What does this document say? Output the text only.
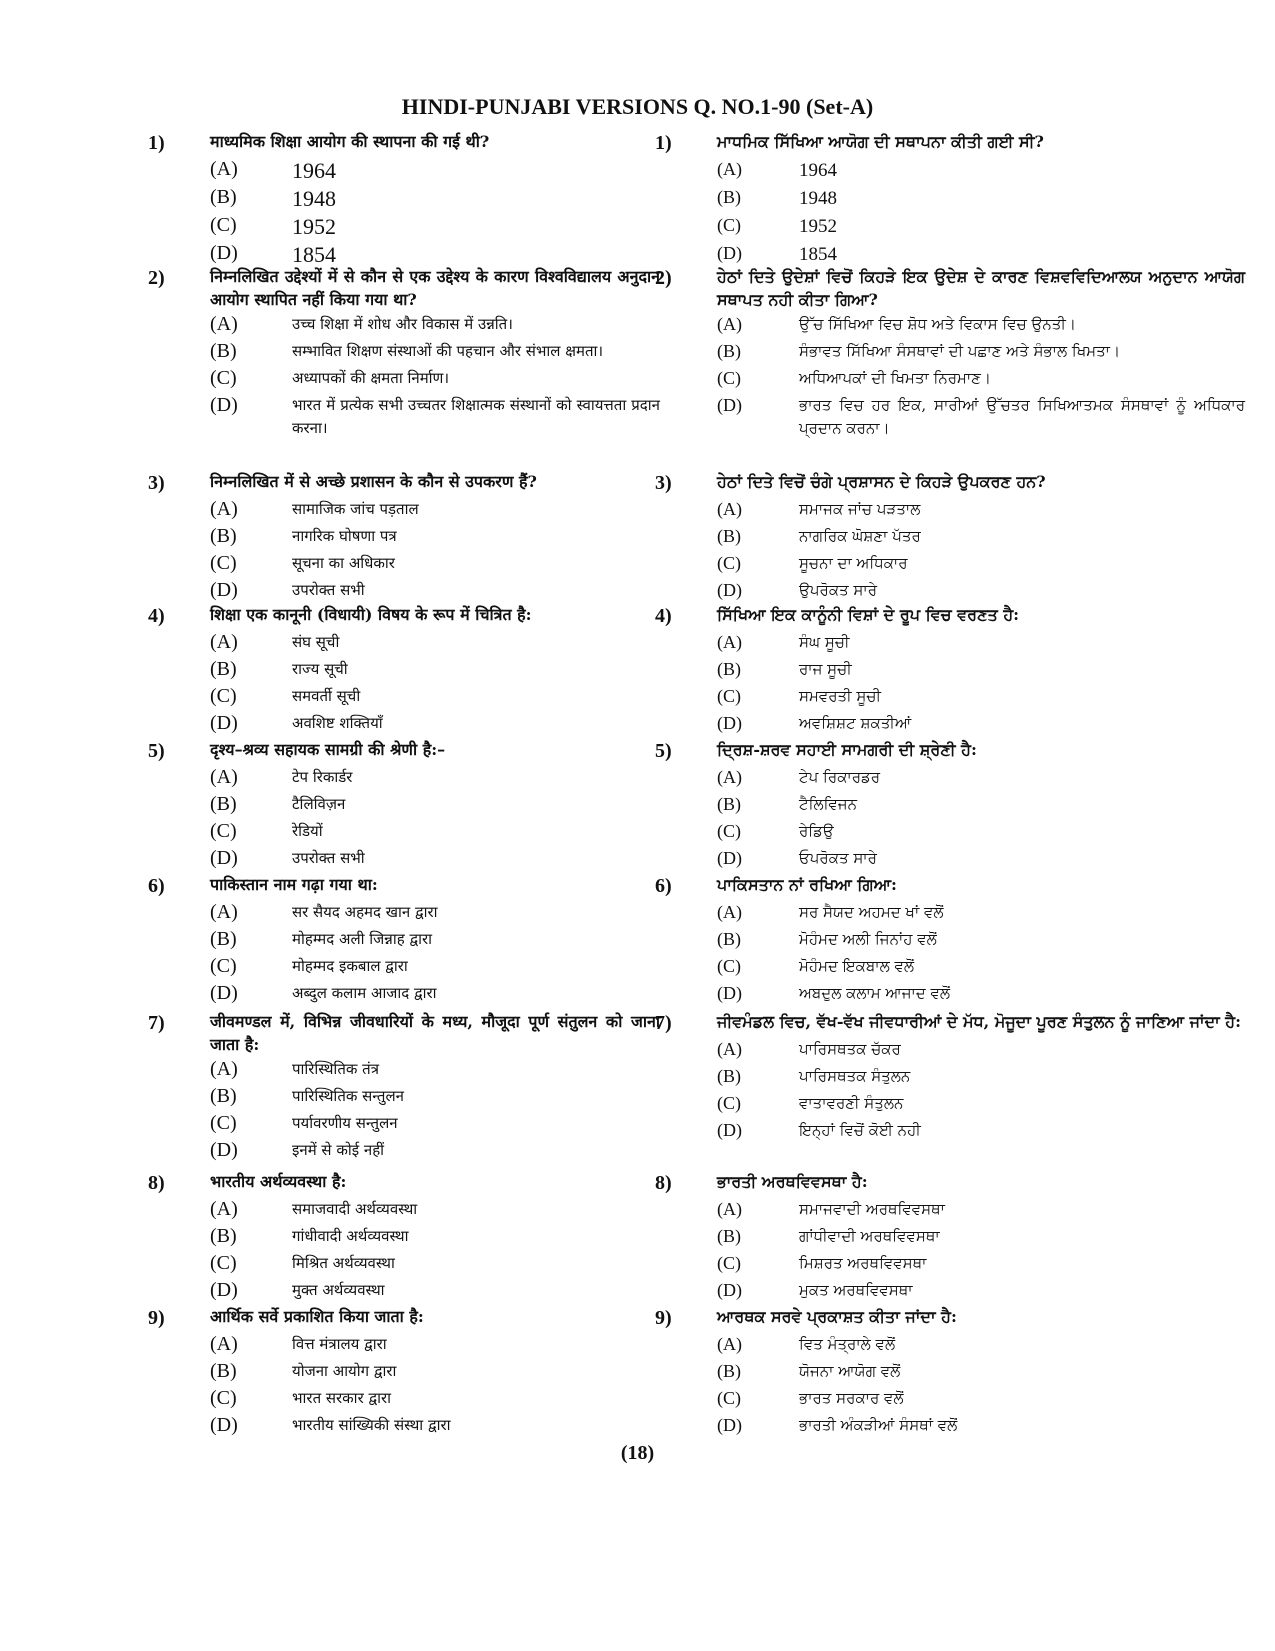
HINDI-PUNJABI VERSIONS Q. NO.1-90 (Set-A)
1)	माध्यमिक शिक्षा आयोग की स्थापना की गई थी?
(A) 1964
(B)	1948
(C)	1952
(D) 1854
2)	निम्नलिखित उद्देश्यों में से कौन से एक उद्देश्य के कारण विश्वविद्यालय अनुदान आयोग स्थापित नहीं किया गया था?
(A)	उच्च शिक्षा में शोध और विकास में उन्नति।
(B)	सम्भावित शिक्षण संस्थाओं की पहचान और संभाल क्षमता।
(C)	अध्यापकों की क्षमता निर्माण।
(D)	भारत में प्रत्येक सभी उच्चतर शिक्षात्मक संस्थानों को स्वायत्तता प्रदान करना।
3)	निम्नलिखित में से अच्छे प्रशासन के कौन से उपकरण हैं?
(A)	सामाजिक जांच पड़ताल
(B)	नागरिक घोषणा पत्र
(C)	सूचना का अधिकार
(D)	उपरोक्त सभी
4)	शिक्षा एक कानूनी (विधायी) विषय के रूप में चित्रित है:
(A)	संघ सूची
(B)	राज्य सूची
(C)	समवर्ती सूची
(D)	अवशिष्ट शक्तियाँ
5)	दृश्य–श्रव्य सहायक सामग्री की श्रेणी है:–
(A)	टेप रिकार्डर
(B)	टैलिविज़न
(C)	रेडियों
(D)	उपरोक्त सभी
6)	पाकिस्तान नाम गढ़ा गया था:
(A)	सर सैयद अहमद खान द्वारा
(B)	मोहम्मद अली जिन्नाह द्वारा
(C)	मोहम्मद इकबाल द्वारा
(D)	अब्दुल कलाम आजाद द्वारा
7)	जीवमण्डल में, विभिन्न जीवधारियों के मध्य, मौजूदा पूर्ण संतुलन को जाना जाता है:
(A)	पारिस्थितिक तंत्र
(B)	पारिस्थितिक सन्तुलन
(C)	पर्यावरणीय सन्तुलन
(D)	इनमें से कोई नहीं
8)	भारतीय अर्थव्यवस्था है:
(A)	समाजवादी अर्थव्यवस्था
(B)	गांधीवादी अर्थव्यवस्था
(C)	मिश्रित अर्थव्यवस्था
(D)	मुक्त अर्थव्यवस्था
9)	आर्थिक सर्वे प्रकाशित किया जाता है:
(A)	वित्त मंत्रालय द्वारा
(B)	योजना आयोग द्वारा
(C)	भारत सरकार द्वारा
(D)	भारतीय सांख्यिकी संस्था द्वारा
1)	ਮਾਧਮਿਕ ਸਿੱਖਿਆ ਆਯੋਗ ਦੀ ਸਥਾਪਨਾ ਕੀਤੀ ਗਈ ਸੀ?
(A)	1964
(B)	1948
(C)	1952
(D)	1854
2)	ਹੇਠਾਂ ਦਿਤੇ ਉਦੇਸ਼ਾਂ ਵਿਚੋਂ ਕਿਹੜੇ ਇਕ ਉਦੇਸ਼ ਦੇ ਕਾਰਣ ਵਿਸ਼ਵਵਿਦਿਆਲਯ ਅਨੁਦਾਨ ਆਯੋਗ ਸਥਾਪਤ ਨਹੀ ਕੀਤਾ ਗਿਆ?
(A)	ਉੱਚ ਸਿੱਖਿਆ ਵਿਚ ਸ਼ੋਧ ਅਤੇ ਵਿਕਾਸ ਵਿਚ ਉਨਤੀ।
(B)	ਸੰਭਾਵਤ ਸਿੱਖਿਆ ਸੰਸਥਾਵਾਂ ਦੀ ਪਛਾਣ ਅਤੇ ਸੰਭਾਲ ਖਿਮਤਾ।
(C)	ਅਧਿਆਪਕਾਂ ਦੀ ਖਿਮਤਾ ਨਿਰਮਾਣ।
(D)	ਭਾਰਤ ਵਿਚ ਹਰ ਇਕ, ਸਾਰੀਆਂ ਉੱਚਤਰ ਸਿਖਿਆਤਮਕ ਸੰਸਥਾਵਾਂ ਨੂੰ ਅਧਿਕਾਰ ਪ੍ਰਦਾਨ ਕਰਨਾ।
3)	ਹੇਠਾਂ ਦਿਤੇ ਵਿਚੋਂ ਚੰਗੇ ਪ੍ਰਸ਼ਾਸਨ ਦੇ ਕਿਹੜੇ ਉਪਕਰਣ ਹਨ?
(A)	ਸਮਾਜਕ ਜਾਂਚ ਪੜਤਾਲ
(B)	ਨਾਗਰਿਕ ਘੋਸ਼ਣਾ ਪੱਤਰ
(C)	ਸੂਚਨਾ ਦਾ ਅਧਿਕਾਰ
(D)	ਉਪਰੋਕਤ ਸਾਰੇ
4)	ਸਿੱਖਿਆ ਇਕ ਕਾਨੂੰਨੀ ਵਿਸ਼ਾਂ ਦੇ ਰੂਪ ਵਿਚ ਵਰਣਤ ਹੈ:
(A)	ਸੰਘ ਸੂਚੀ
(B)	ਰਾਜ ਸੂਚੀ
(C)	ਸਮਵਰਤੀ ਸੂਚੀ
(D)	ਅਵਸ਼ਿਸ਼ਟ ਸ਼ਕਤੀਆਂ
5)	ਦ੍ਰਿਸ਼-ਸ਼ਰਵ ਸਹਾਈ ਸਾਮਗਰੀ ਦੀ ਸ਼੍ਰੇਣੀ ਹੈ:
(A)	ਟੇਪ ਰਿਕਾਰਡਰ
(B)	ਟੈਲਿਵਿਜਨ
(C)	ਰੇਡਿਉ
(D)	ਓਪਰੋਕਤ ਸਾਰੇ
6)	ਪਾਕਿਸਤਾਨ ਨਾਂ ਰਖਿਆ ਗਿਆ:
(A)	ਸਰ ਸੈਯਦ ਅਹਮਦ ਖਾਂ ਵਲੋਂ
(B)	ਮੋਹੰਮਦ ਅਲੀ ਜਿਨਾਂਹ ਵਲੋਂ
(C)	ਮੋਹੰਮਦ ਇਕਬਾਲ ਵਲੋਂ
(D)	ਅਬਦੁਲ ਕਲਾਮ ਆਜਾਦ ਵਲੋਂ
7)	ਜੀਵਮੰਡਲ ਵਿਚ, ਵੱਖ-ਵੱਖ ਜੀਵਧਾਰੀਆਂ ਦੇ ਮੱਧ, ਮੋਜੂਦਾ ਪੂਰਣ ਸੰਤੁਲਨ ਨੂੰ ਜਾਣਿਆ ਜਾਂਦਾ ਹੈ:
(A)	ਪਾਰਿਸਥਤਕ ਚੱਕਰ
(B)	ਪਾਰਿਸਥਤਕ ਸੰਤੁਲਨ
(C)	ਵਾਤਾਵਰਣੀ ਸੰਤੁਲਨ
(D)	ਇਨ੍ਹਾਂ ਵਿਚੋਂ ਕੋਈ ਨਹੀ
8)	ਭਾਰਤੀ ਅਰਥਵਿਵਸਥਾ ਹੈ:
(A)	ਸਮਾਜਵਾਦੀ ਅਰਥਵਿਵਸਥਾ
(B)	ਗਾਂਧੀਵਾਦੀ ਅਰਥਵਿਵਸਥਾ
(C)	ਮਿਸ਼ਰਤ ਅਰਥਵਿਵਸਥਾ
(D)	ਮੁਕਤ ਅਰਥਵਿਵਸਥਾ
9)	ਆਰਥਕ ਸਰਵੇ ਪ੍ਰਕਾਸ਼ਤ ਕੀਤਾ ਜਾਂਦਾ ਹੈ:
(A)	ਵਿਤ ਮੰਤ੍ਰਾਲੇ ਵਲੋਂ
(B)	ਯੋਜਨਾ ਆਯੋਗ ਵਲੋਂ
(C)	ਭਾਰਤ ਸਰਕਾਰ ਵਲੋਂ
(D)	ਭਾਰਤੀ ਅੰਕੜੀਆਂ ਸੰਸਥਾਂ ਵਲੋਂ
(18)
